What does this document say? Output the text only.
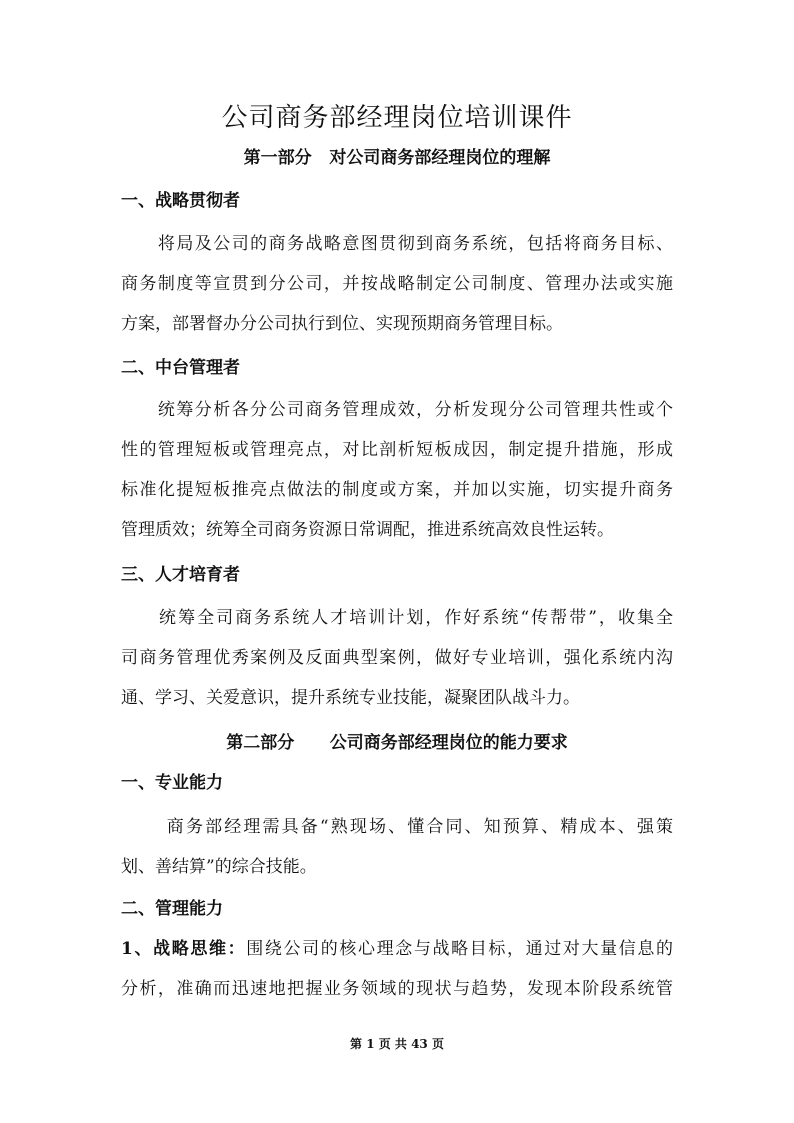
公司商务部经理岗位培训课件
第一部分   对公司商务部经理岗位的理解
一、战略贯彻者
　　将局及公司的商务战略意图贯彻到商务系统，包括将商务目标、
商务制度等宣贯到分公司，并按战略制定公司制度、管理办法或实施
方案，部署督办分公司执行到位、实现预期商务管理目标。
二、中台管理者
　　统筹分析各分公司商务管理成效，分析发现分公司管理共性或个
性的管理短板或管理亮点，对比剖析短板成因，制定提升措施，形成
标准化提短板推亮点做法的制度或方案，并加以实施，切实提升商务
管理质效；统筹全司商务资源日常调配，推进系统高效良性运转。
三、人才培育者
　　统筹全司商务系统人才培训计划，作好系统“传帮带”，收集全
司商务管理优秀案例及反面典型案例，做好专业培训，强化系统内沟
通、学习、关爱意识，提升系统专业技能，凝聚团队战斗力。
第二部分      公司商务部经理岗位的能力要求
一、专业能力
　　 商务部经理需具备“熟现场、懂合同、知预算、精成本、强策
划、善结算”的综合技能。
二、管理能力
1、战略思维：围绕公司的核心理念与战略目标，通过对大量信息的
分析，准确而迅速地把握业务领域的现状与趋势，发现本阶段系统管
第 1 页 共 43 页
